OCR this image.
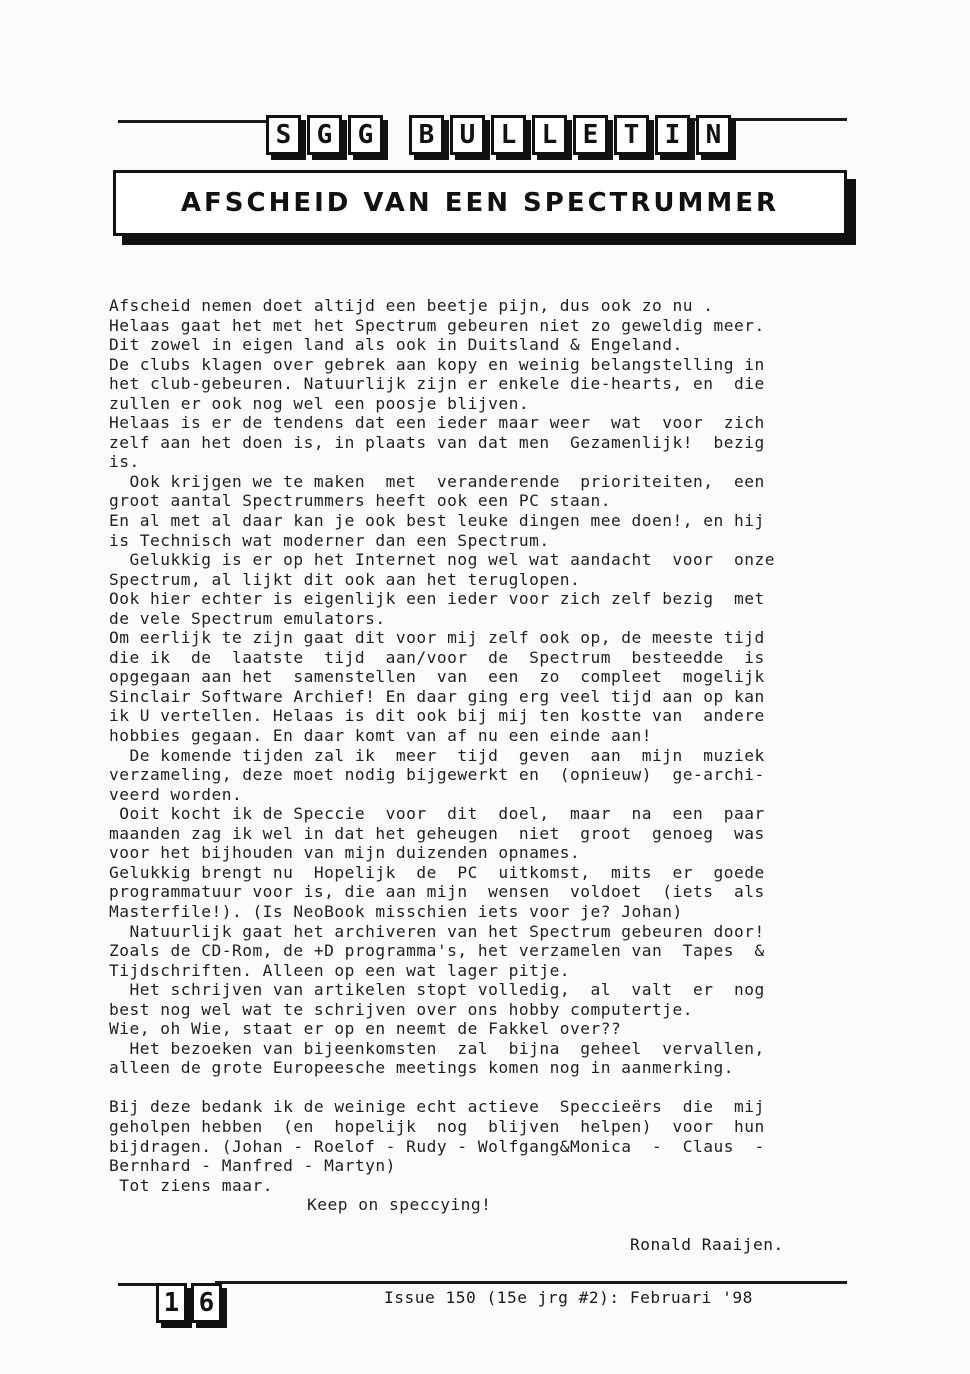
S G G	B U L L E T I N
AFSCHEID VAN EEN SPECTRUMMER

Afscheid nemen doet altijd een beetje pijn, dus ook zo nu .

Helaas gaat het met het Spectrum gebeuren niet zo geweldig meer.

Dit zowel in eigen land als ook in Duitsland & Engeland.

De clubs klagen over gebrek aan kopy en weinig belangstelling in

het club-gebeuren. Natuurlijk zijn er enkele die-hearts, en  die

zullen er ook nog wel een poosje blijven.

Helaas is er de tendens dat een ieder maar weer  wat  voor  zich

zelf aan het doen is, in plaats van dat men  Gezamenlijk!  bezig

is.

Ook krijgen we te maken  met  veranderende  prioriteiten,  een

groot aantal Spectrummers heeft ook een PC staan.

En al met al daar kan je ook best leuke dingen mee doen!, en hij

is Technisch wat moderner dan een Spectrum.

Gelukkig is er op het Internet nog wel wat aandacht  voor  onze

Spectrum, al lijkt dit ook aan het teruglopen.

Ook hier echter is eigenlijk een ieder voor zich zelf bezig  met

de vele Spectrum emulators.

Om eerlijk te zijn gaat dit voor mij zelf ook op, de meeste tijd

die ik  de  laatste  tijd  aan/voor  de  Spectrum  besteedde  is

opgegaan aan het  samenstellen  van  een  zo  compleet  mogelijk

Sinclair Software Archief! En daar ging erg veel tijd aan op kan

ik U vertellen. Helaas is dit ook bij mij ten kostte van  andere

hobbies gegaan. En daar komt van af nu een einde aan!

De komende tijden zal ik  meer  tijd  geven  aan  mijn  muziek

verzameling, deze moet nodig bijgewerkt en  (opnieuw)  ge-archi-

veerd worden.

Ooit kocht ik de Speccie  voor  dit  doel,  maar  na  een  paar

maanden zag ik wel in dat het geheugen  niet  groot  genoeg  was

voor het bijhouden van mijn duizenden opnames.

Gelukkig brengt nu  Hopelijk  de  PC  uitkomst,  mits  er  goede

programmatuur voor is, die aan mijn  wensen  voldoet  (iets  als

Masterfile!). (Is NeoBook misschien iets voor je? Johan)

Natuurlijk gaat het archiveren van het Spectrum gebeuren door!

Zoals de CD-Rom, de +D programma's, het verzamelen van  Tapes  &

Tijdschriften. Alleen op een wat lager pitje.

Het schrijven van artikelen stopt volledig,  al  valt  er  nog

best nog wel wat te schrijven over ons hobby computertje.

Wie, oh Wie, staat er op en neemt de Fakkel over??

Het bezoeken van bijeenkomsten  zal  bijna  geheel  vervallen,

alleen de grote Europeesche meetings komen nog in aanmerking.

Bij deze bedank ik de weinige echt actieve  Speccieërs  die  mij

geholpen hebben  (en  hopelijk  nog  blijven  helpen)  voor  hun

bijdragen. (Johan - Roelof - Rudy - Wolfgang&Monica  -  Claus  -

Bernhard - Manfred - Martyn)

Tot ziens maar.

Keep on speccying!

Ronald Raaijen.
1 6	Issue 150 (15e jrg #2): Februari '98
